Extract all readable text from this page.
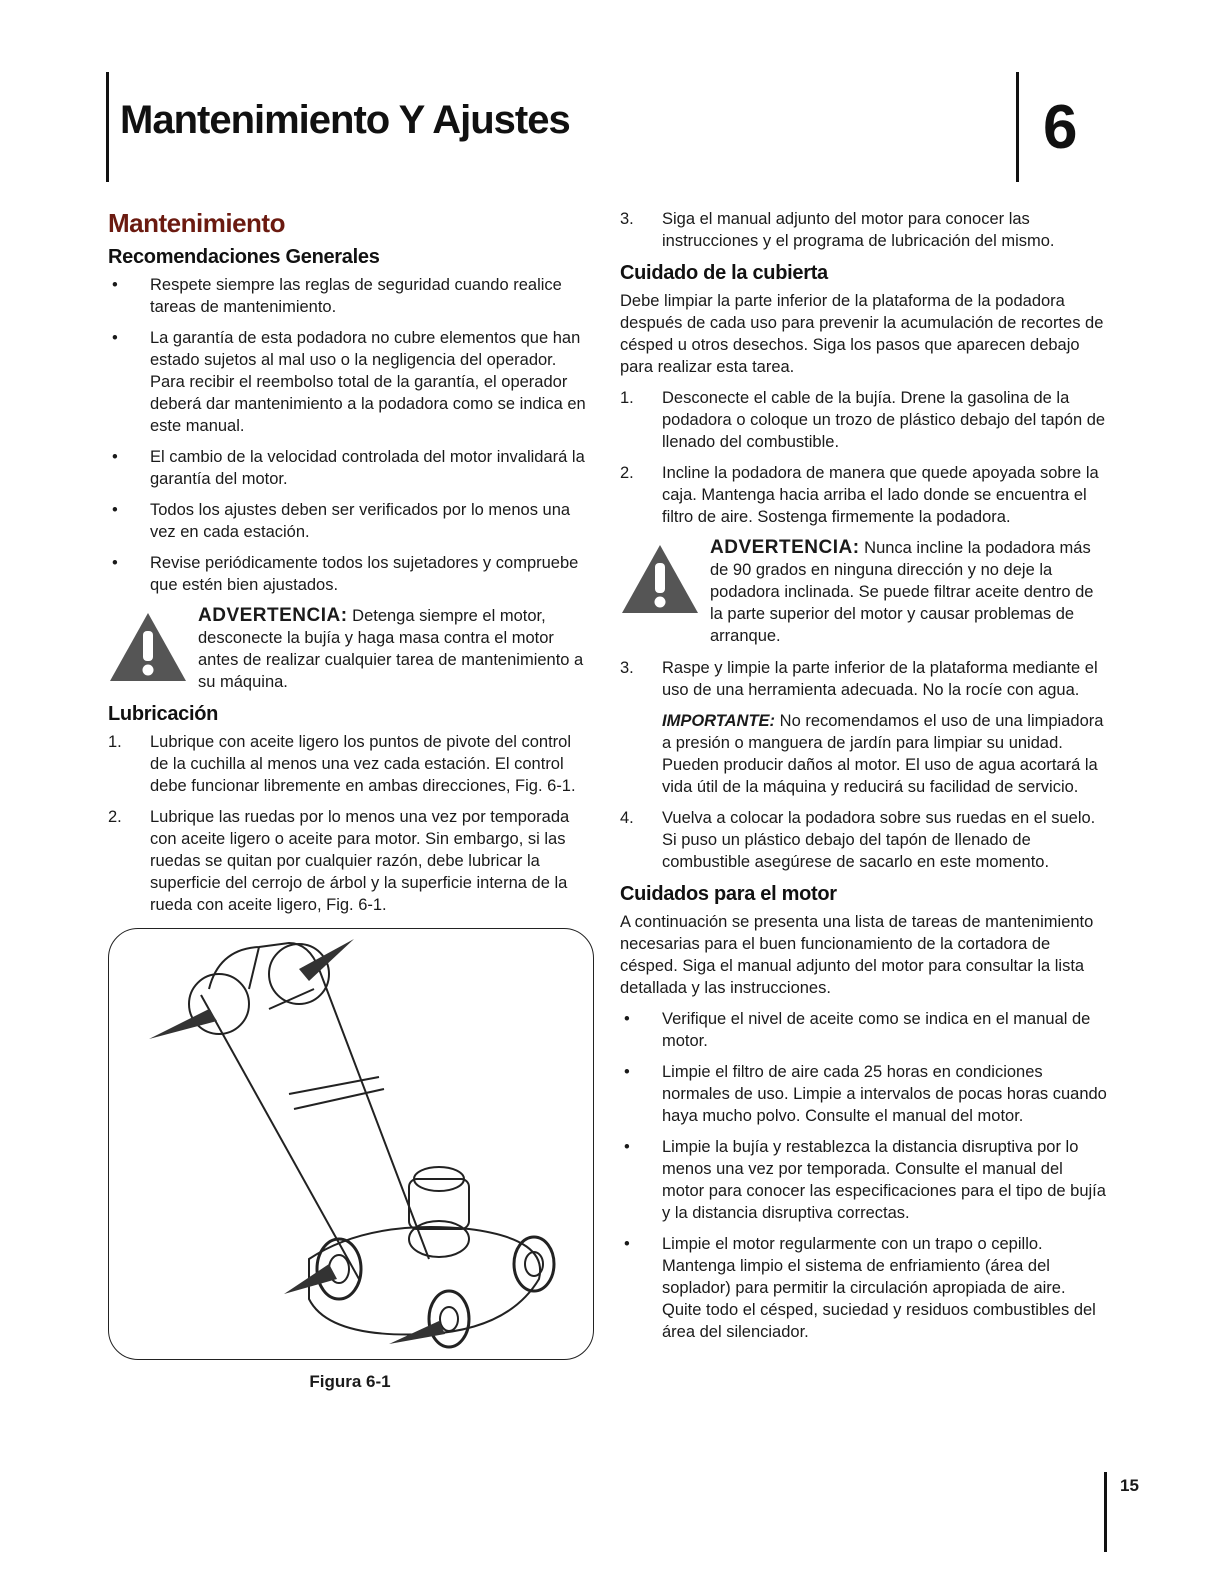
Mantenimiento Y Ajustes	6
Mantenimiento
Recomendaciones Generales
•	Respete siempre las reglas de seguridad cuando realice tareas de mantenimiento.
•	La garantía de esta podadora no cubre elementos que han estado sujetos al mal uso o la negligencia del operador. Para recibir el reembolso total de la garantía, el operador deberá dar mantenimiento a la podadora como se indica en este manual.
•	El cambio de la velocidad controlada del motor invalidará la garantía del motor.
•	Todos los ajustes deben ser verificados por lo menos una vez en cada estación.
•	Revise periódicamente todos los sujetadores y compruebe que estén bien ajustados.
ADVERTENCIA: Detenga siempre el motor, desconecte la bujía y haga masa contra el motor antes de realizar cualquier tarea de mantenimiento a su máquina.
Lubricación
1.	Lubrique con aceite ligero los puntos de pivote del control de la cuchilla al menos una vez cada estación. El control debe funcionar libremente en ambas direcciones, Fig. 6-1.
2.	Lubrique las ruedas por lo menos una vez por temporada con aceite ligero o aceite para motor. Sin embargo, si las ruedas se quitan por cualquier razón, debe lubricar la superficie del cerrojo de árbol y la superficie interna de la rueda con aceite ligero, Fig. 6-1.
Figura 6-1
3.	Siga el manual adjunto del motor para conocer las instrucciones y el programa de lubricación del mismo.
Cuidado de la cubierta

Debe limpiar la parte inferior de la plataforma de la podadora después de cada uso para prevenir la acumulación de recortes de césped u otros desechos. Siga los pasos que aparecen debajo para realizar esta tarea.

1.	Desconecte el cable de la bujía. Drene la gasolina de la podadora o coloque un trozo de plástico debajo del tapón de llenado del combustible.
2.	Incline la podadora de manera que quede apoyada sobre la caja. Mantenga hacia arriba el lado donde se encuentra el filtro de aire. Sostenga firmemente la podadora.
ADVERTENCIA: Nunca incline la podadora más de 90 grados en ninguna dirección y no deje la podadora inclinada. Se puede filtrar aceite dentro de la parte superior del motor y causar problemas de arranque.
3.	Raspe y limpie la parte inferior de la plataforma mediante el uso de una herramienta adecuada. No la rocíe con agua.
IMPORTANTE: No recomendamos el uso de una limpiadora a presión o manguera de jardín para limpiar su unidad. Pueden producir daños al motor. El uso de agua acortará la vida útil de la máquina y reducirá su facilidad de servicio.
4.	Vuelva a colocar la podadora sobre sus ruedas en el suelo. Si puso un plástico debajo del tapón de llenado de combustible asegúrese de sacarlo en este momento.
Cuidados para el motor

A continuación se presenta una lista de tareas de mantenimiento necesarias para el buen funcionamiento de la cortadora de césped. Siga el manual adjunto del motor para consultar la lista detallada y las instrucciones.

•	Verifique el nivel de aceite como se indica en el manual de motor.
•	Limpie el filtro de aire cada 25 horas en condiciones normales de uso. Limpie a intervalos de pocas horas cuando haya mucho polvo. Consulte el manual del motor.
•	Limpie la bujía y restablezca la distancia disruptiva por lo menos una vez por temporada. Consulte el manual del motor para conocer las especificaciones para el tipo de bujía y la distancia disruptiva correctas.
•	Limpie el motor regularmente con un trapo o cepillo. Mantenga limpio el sistema de enfriamiento (área del soplador) para permitir la circulación apropiada de aire. Quite todo el césped, suciedad y residuos combustibles del área del silenciador.
15
